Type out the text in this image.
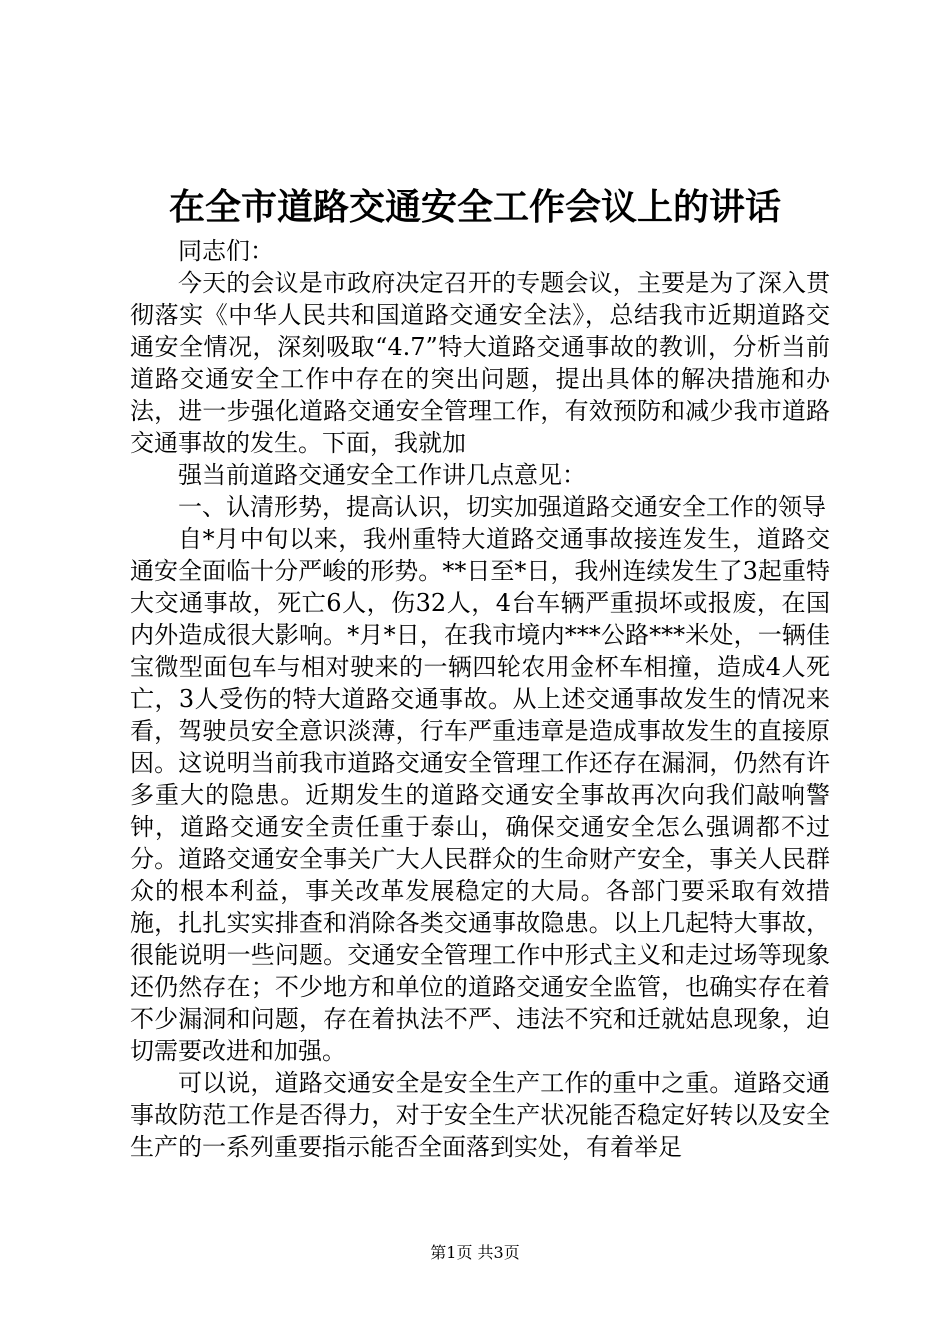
在全市道路交通安全工作会议上的讲话

同志们：

今天的会议是市政府决定召开的专题会议，主要是为了深入贯彻落实《中华人民共和国道路交通安全法》，总结我市近期道路交通安全情况，深刻吸取“4.7”特大道路交通事故的教训，分析当前道路交通安全工作中存在的突出问题，提出具体的解决措施和办法，进一步强化道路交通安全管理工作，有效预防和减少我市道路交通事故的发生。下面，我就加

强当前道路交通安全工作讲几点意见：

一、认清形势，提高认识，切实加强道路交通安全工作的领导

自*月中旬以来，我州重特大道路交通事故接连发生，道路交通安全面临十分严峻的形势。**日至*日，我州连续发生了3起重特大交通事故，死亡6人，伤32人，4台车辆严重损坏或报废，在国内外造成很大影响。*月*日，在我市境内***公路***米处，一辆佳宝微型面包车与相对驶来的一辆四轮农用金杯车相撞，造成4人死亡，3人受伤的特大道路交通事故。从上述交通事故发生的情况来看，驾驶员安全意识淡薄，行车严重违章是造成事故发生的直接原因。这说明当前我市道路交通安全管理工作还存在漏洞，仍然有许多重大的隐患。近期发生的道路交通安全事故再次向我们敲响警钟，道路交通安全责任重于泰山，确保交通安全怎么强调都不过分。道路交通安全事关广大人民群众的生命财产安全，事关人民群众的根本利益，事关改革发展稳定的大局。各部门要采取有效措施，扎扎实实排查和消除各类交通事故隐患。以上几起特大事故，很能说明一些问题。交通安全管理工作中形式主义和走过场等现象还仍然存在；不少地方和单位的道路交通安全监管，也确实存在着不少漏洞和问题，存在着执法不严、违法不究和迁就姑息现象，迫切需要改进和加强。

可以说，道路交通安全是安全生产工作的重中之重。道路交通事故防范工作是否得力，对于安全生产状况能否稳定好转以及安全生产的一系列重要指示能否全面落到实处，有着举足

第1页 共3页
